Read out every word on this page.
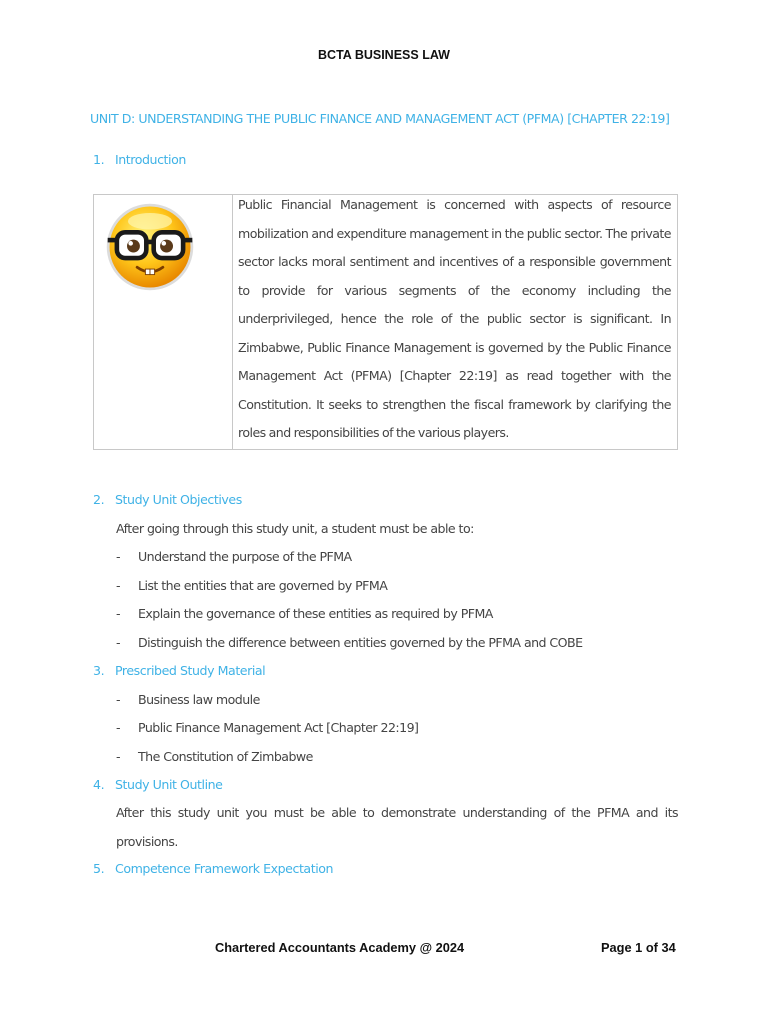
BCTA BUSINESS LAW
UNIT D: UNDERSTANDING THE PUBLIC FINANCE AND MANAGEMENT ACT (PFMA) [CHAPTER 22:19]
1. Introduction
Public Financial Management is concerned with aspects of resource mobilization and expenditure management in the public sector. The private sector lacks moral sentiment and incentives of a responsible government to provide for various segments of the economy including the underprivileged, hence the role of the public sector is significant. In Zimbabwe, Public Finance Management is governed by the Public Finance Management Act (PFMA) [Chapter 22:19] as read together with the Constitution. It seeks to strengthen the fiscal framework by clarifying the roles and responsibilities of the various players.
2. Study Unit Objectives
After going through this study unit, a student must be able to:
- Understand the purpose of the PFMA
- List the entities that are governed by PFMA
- Explain the governance of these entities as required by PFMA
- Distinguish the difference between entities governed by the PFMA and COBE
3. Prescribed Study Material
- Business law module
- Public Finance Management Act [Chapter 22:19]
- The Constitution of Zimbabwe
4. Study Unit Outline
After this study unit you must be able to demonstrate understanding of the PFMA and its provisions.
5. Competence Framework Expectation
Chartered Accountants Academy @ 2024	Page 1 of 34
